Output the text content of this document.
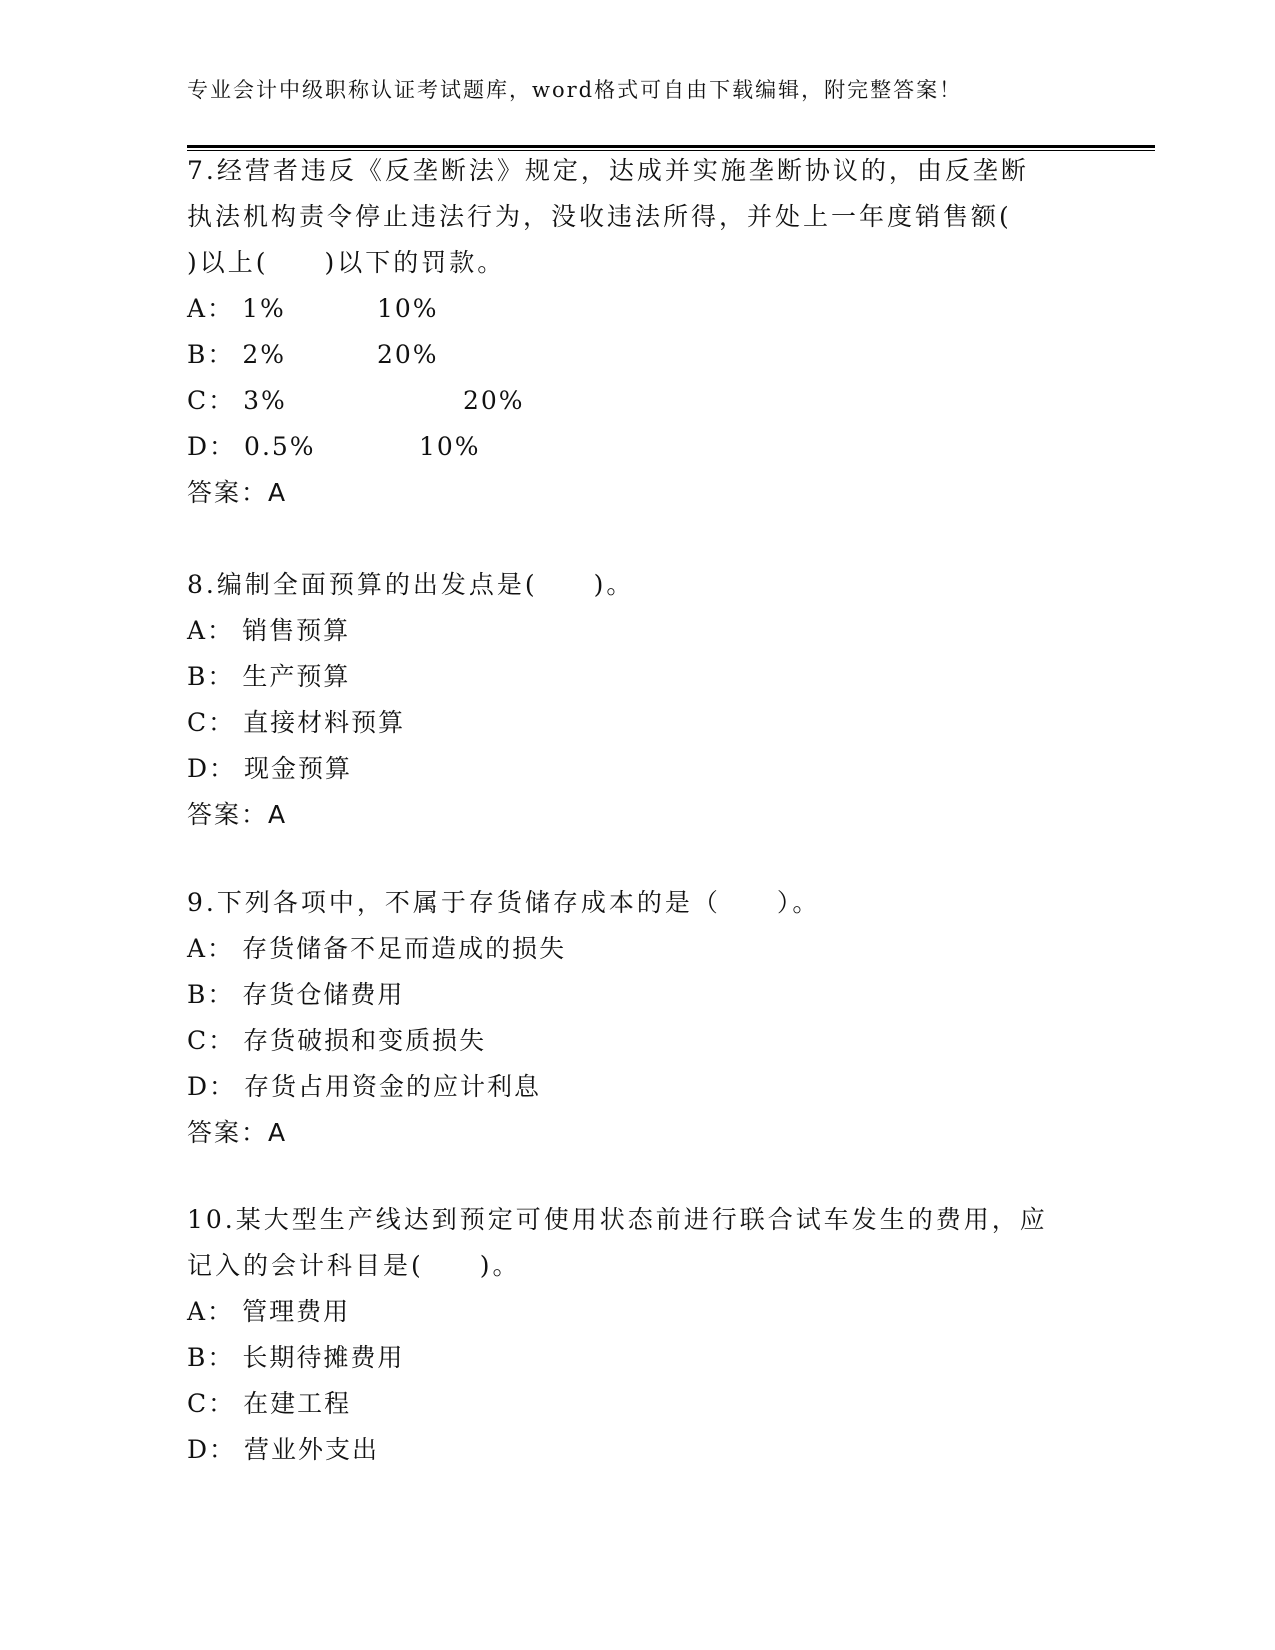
专业会计中级职称认证考试题库，word格式可自由下载编辑，附完整答案！
7.经营者违反《反垄断法》规定，达成并实施垄断协议的，由反垄断
执法机构责令停止违法行为，没收违法所得，并处上一年度销售额(
)以上(　　)以下的罚款。
A： 1%	10%
B： 2%	20%
C： 3%	20%
D： 0.5%	10%
答案：A
8.编制全面预算的出发点是(　　)。
A： 销售预算
B： 生产预算
C： 直接材料预算
D： 现金预算
答案：A
9.下列各项中，不属于存货储存成本的是（　　）。
A： 存货储备不足而造成的损失
B： 存货仓储费用
C： 存货破损和变质损失
D： 存货占用资金的应计利息
答案：A
10.某大型生产线达到预定可使用状态前进行联合试车发生的费用，应
记入的会计科目是(　　)。
A： 管理费用
B： 长期待摊费用
C： 在建工程
D： 营业外支出
